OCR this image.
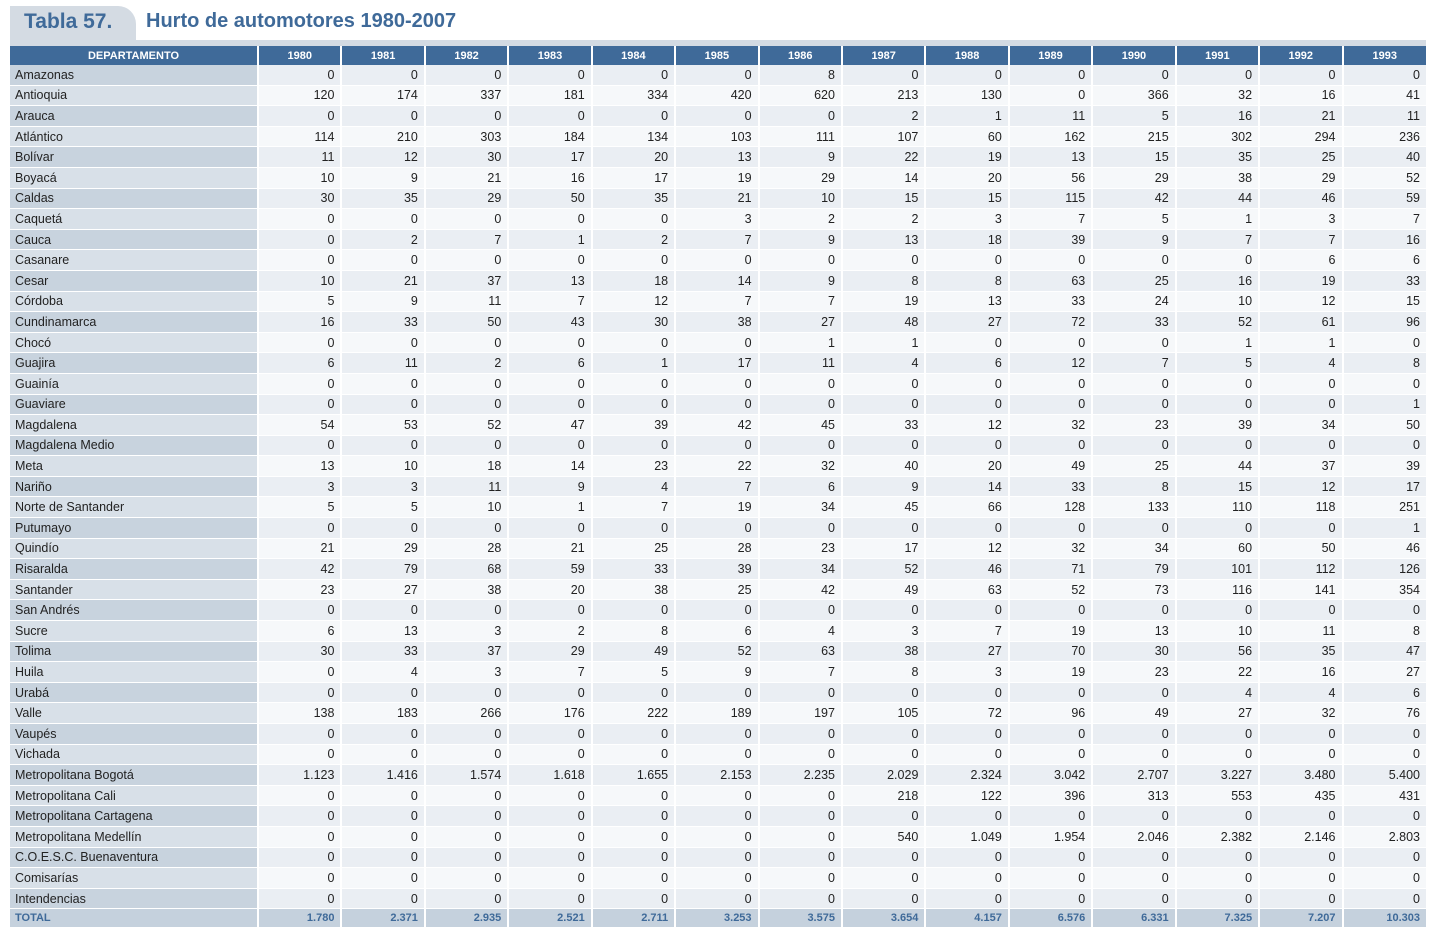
Tabla 57. Hurto de automotores 1980-2007
DEPARTAMENTO	1980	1981	1982	1983	1984	1985	1986	1987	1988	1989	1990	1991	1992	1993
Amazonas	0	0	0	0	0	0	8	0	0	0	0	0	0	0
Antioquia	120	174	337	181	334	420	620	213	130	0	366	32	16	41
Arauca	0	0	0	0	0	0	0	2	1	11	5	16	21	11
Atlántico	114	210	303	184	134	103	111	107	60	162	215	302	294	236
Bolívar	11	12	30	17	20	13	9	22	19	13	15	35	25	40
Boyacá	10	9	21	16	17	19	29	14	20	56	29	38	29	52
Caldas	30	35	29	50	35	21	10	15	15	115	42	44	46	59
Caquetá	0	0	0	0	0	3	2	2	3	7	5	1	3	7
Cauca	0	2	7	1	2	7	9	13	18	39	9	7	7	16
Casanare	0	0	0	0	0	0	0	0	0	0	0	0	6	6
Cesar	10	21	37	13	18	14	9	8	8	63	25	16	19	33
Córdoba	5	9	11	7	12	7	7	19	13	33	24	10	12	15
Cundinamarca	16	33	50	43	30	38	27	48	27	72	33	52	61	96
Chocó	0	0	0	0	0	0	1	1	0	0	0	1	1	0
Guajira	6	11	2	6	1	17	11	4	6	12	7	5	4	8
Guainía	0	0	0	0	0	0	0	0	0	0	0	0	0	0
Guaviare	0	0	0	0	0	0	0	0	0	0	0	0	0	1
Magdalena	54	53	52	47	39	42	45	33	12	32	23	39	34	50
Magdalena Medio	0	0	0	0	0	0	0	0	0	0	0	0	0	0
Meta	13	10	18	14	23	22	32	40	20	49	25	44	37	39
Nariño	3	3	11	9	4	7	6	9	14	33	8	15	12	17
Norte de Santander	5	5	10	1	7	19	34	45	66	128	133	110	118	251
Putumayo	0	0	0	0	0	0	0	0	0	0	0	0	0	1
Quindío	21	29	28	21	25	28	23	17	12	32	34	60	50	46
Risaralda	42	79	68	59	33	39	34	52	46	71	79	101	112	126
Santander	23	27	38	20	38	25	42	49	63	52	73	116	141	354
San Andrés	0	0	0	0	0	0	0	0	0	0	0	0	0	0
Sucre	6	13	3	2	8	6	4	3	7	19	13	10	11	8
Tolima	30	33	37	29	49	52	63	38	27	70	30	56	35	47
Huila	0	4	3	7	5	9	7	8	3	19	23	22	16	27
Urabá	0	0	0	0	0	0	0	0	0	0	0	4	4	6
Valle	138	183	266	176	222	189	197	105	72	96	49	27	32	76
Vaupés	0	0	0	0	0	0	0	0	0	0	0	0	0	0
Vichada	0	0	0	0	0	0	0	0	0	0	0	0	0	0
Metropolitana Bogotá	1.123	1.416	1.574	1.618	1.655	2.153	2.235	2.029	2.324	3.042	2.707	3.227	3.480	5.400
Metropolitana Cali	0	0	0	0	0	0	0	218	122	396	313	553	435	431
Metropolitana Cartagena	0	0	0	0	0	0	0	0	0	0	0	0	0	0
Metropolitana Medellín	0	0	0	0	0	0	0	540	1.049	1.954	2.046	2.382	2.146	2.803
C.O.E.S.C. Buenaventura	0	0	0	0	0	0	0	0	0	0	0	0	0	0
Comisarías	0	0	0	0	0	0	0	0	0	0	0	0	0	0
Intendencias	0	0	0	0	0	0	0	0	0	0	0	0	0	0
TOTAL	1.780	2.371	2.935	2.521	2.711	3.253	3.575	3.654	4.157	6.576	6.331	7.325	7.207	10.303
